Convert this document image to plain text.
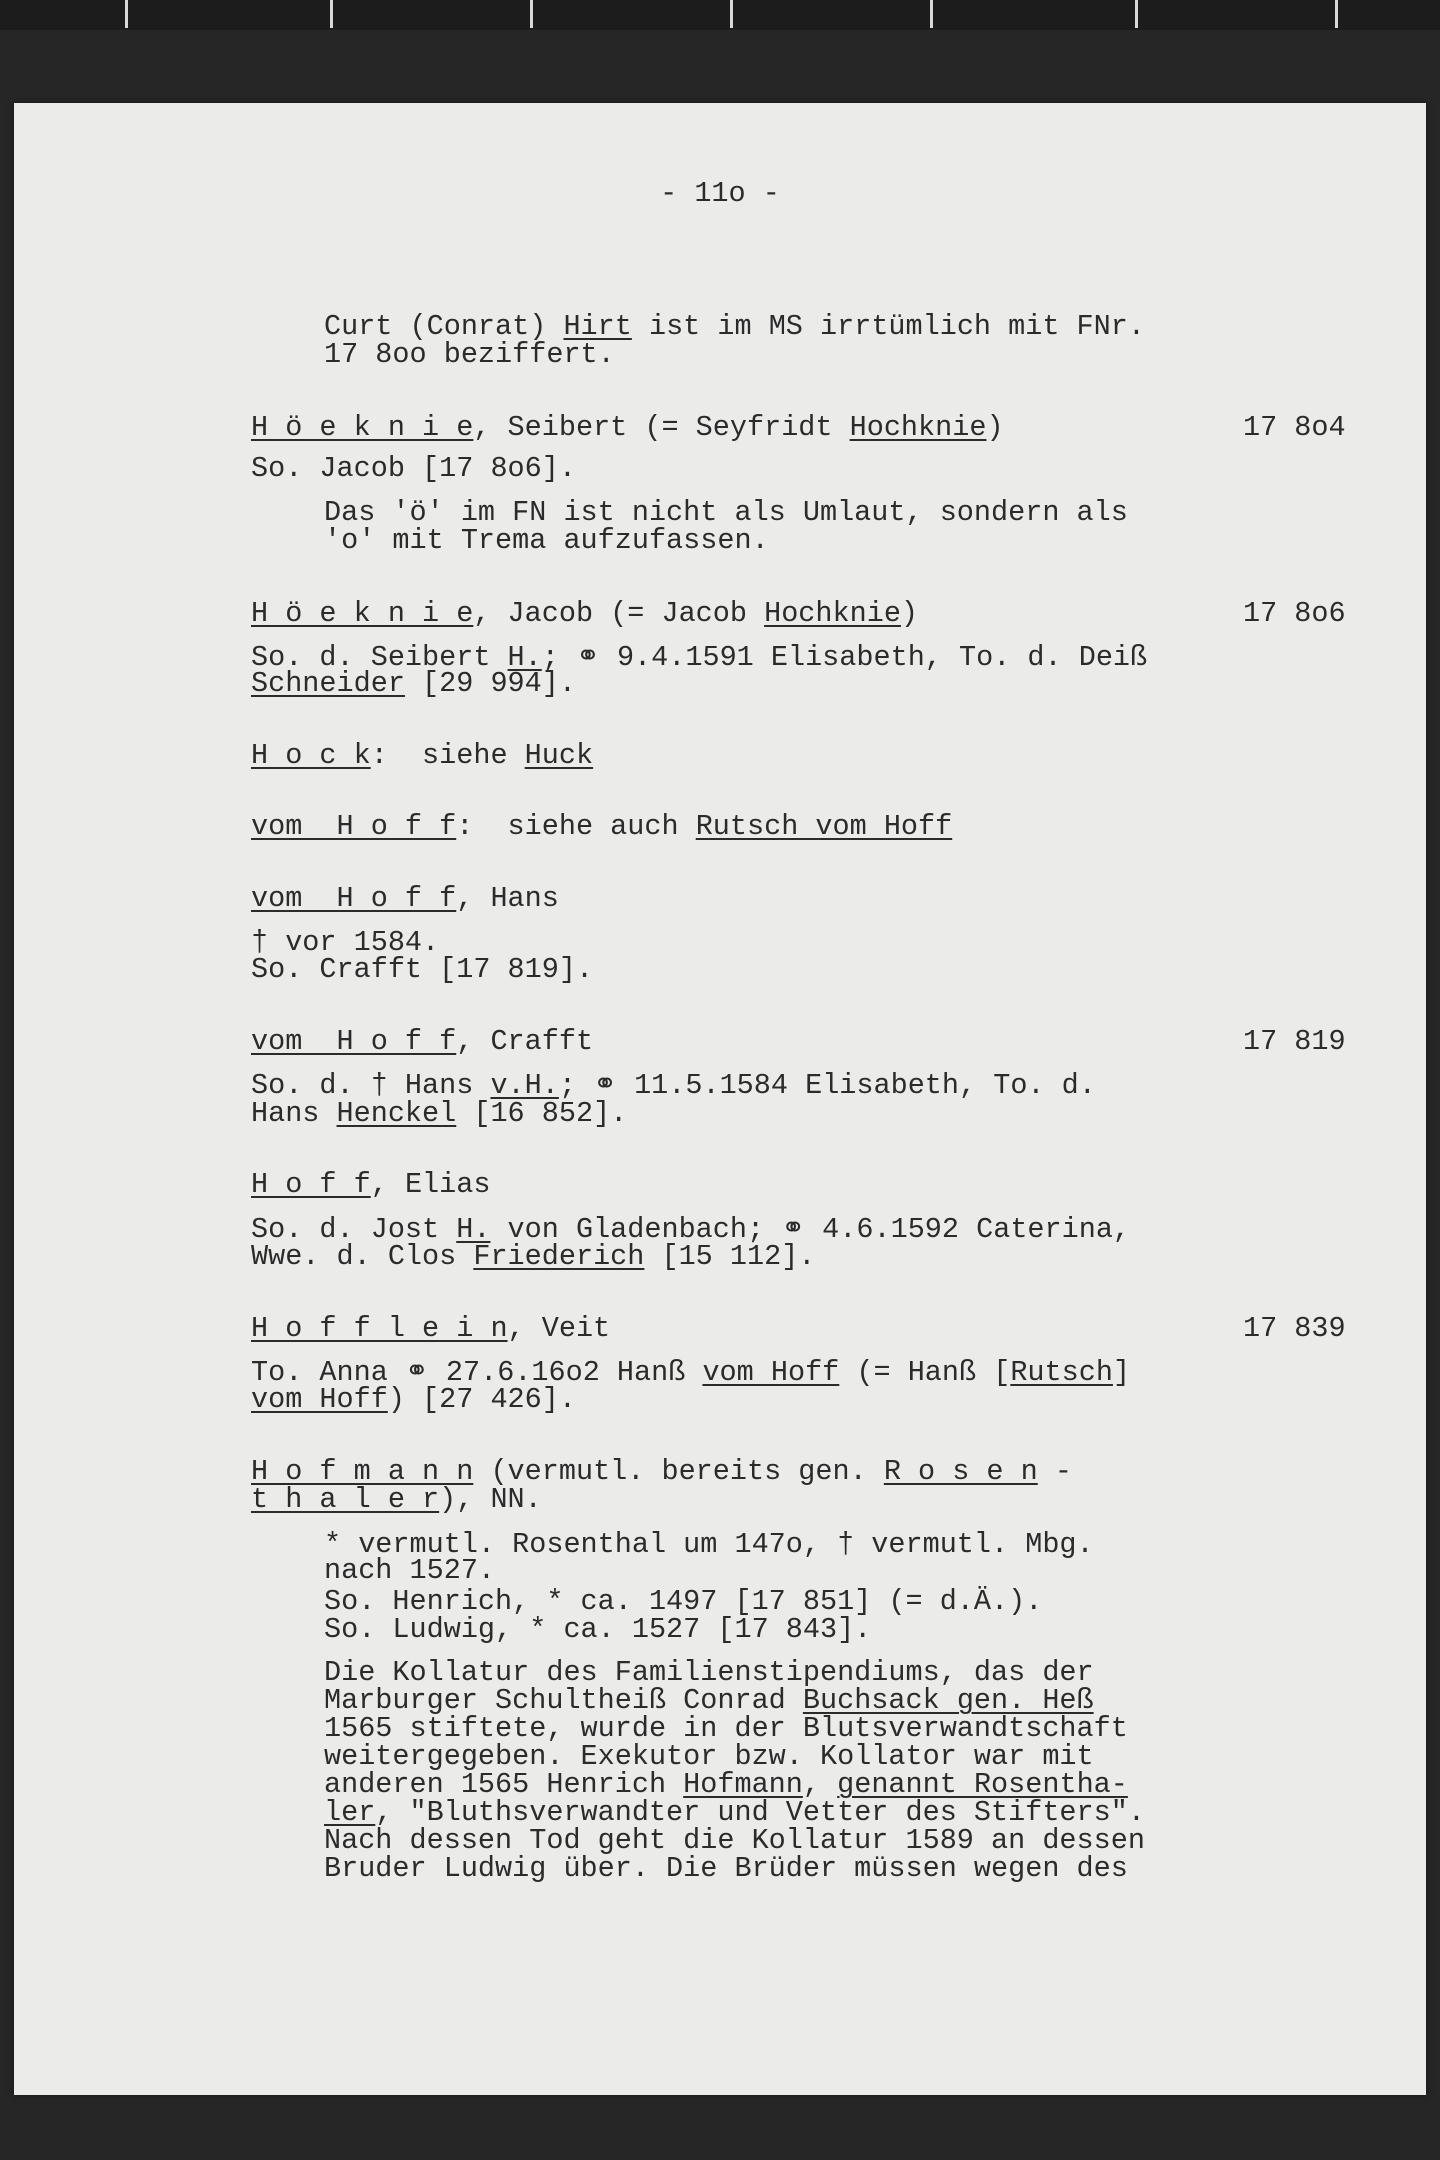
- 11o -
Curt (Conrat) Hirt ist im MS irrtümlich mit FNr.
17 8oo beziffert.
H ö e k n i e, Seibert (= Seyfridt Hochknie)	17 8o4
So. Jacob [17 8o6].
Das 'ö' im FN ist nicht als Umlaut, sondern als
'o' mit Trema aufzufassen.
H ö e k n i e, Jacob (= Jacob Hochknie)	17 8o6
So. d. Seibert H.; ⚭ 9.4.1591 Elisabeth, To. d. Deiß
Schneider [29 994].
H o c k:  siehe Huck
vom  H o f f:  siehe auch Rutsch vom Hoff
vom  H o f f, Hans
† vor 1584.
So. Crafft [17 819].
vom  H o f f, Crafft	17 819
So. d. † Hans v.H.; ⚭ 11.5.1584 Elisabeth, To. d.
Hans Henckel [16 852].
H o f f, Elias
So. d. Jost H. von Gladenbach; ⚭ 4.6.1592 Caterina,
Wwe. d. Clos Friederich [15 112].
H o f f l e i n, Veit	17 839
To. Anna ⚭ 27.6.16o2 Hanß vom Hoff (= Hanß [Rutsch]
vom Hoff) [27 426].
H o f m a n n (vermutl. bereits gen. R o s e n -
t h a l e r), NN.
* vermutl. Rosenthal um 147o, † vermutl. Mbg.
nach 1527.
So. Henrich, * ca. 1497 [17 851] (= d.Ä.).
So. Ludwig, * ca. 1527 [17 843].
Die Kollatur des Familienstipendiums, das der
Marburger Schultheiß Conrad Buchsack gen. Heß
1565 stiftete, wurde in der Blutsverwandtschaft
weitergegeben. Exekutor bzw. Kollator war mit
anderen 1565 Henrich Hofmann, genannt Rosentha-
ler, "Bluthsverwandter und Vetter des Stifters".
Nach dessen Tod geht die Kollatur 1589 an dessen
Bruder Ludwig über. Die Brüder müssen wegen des
